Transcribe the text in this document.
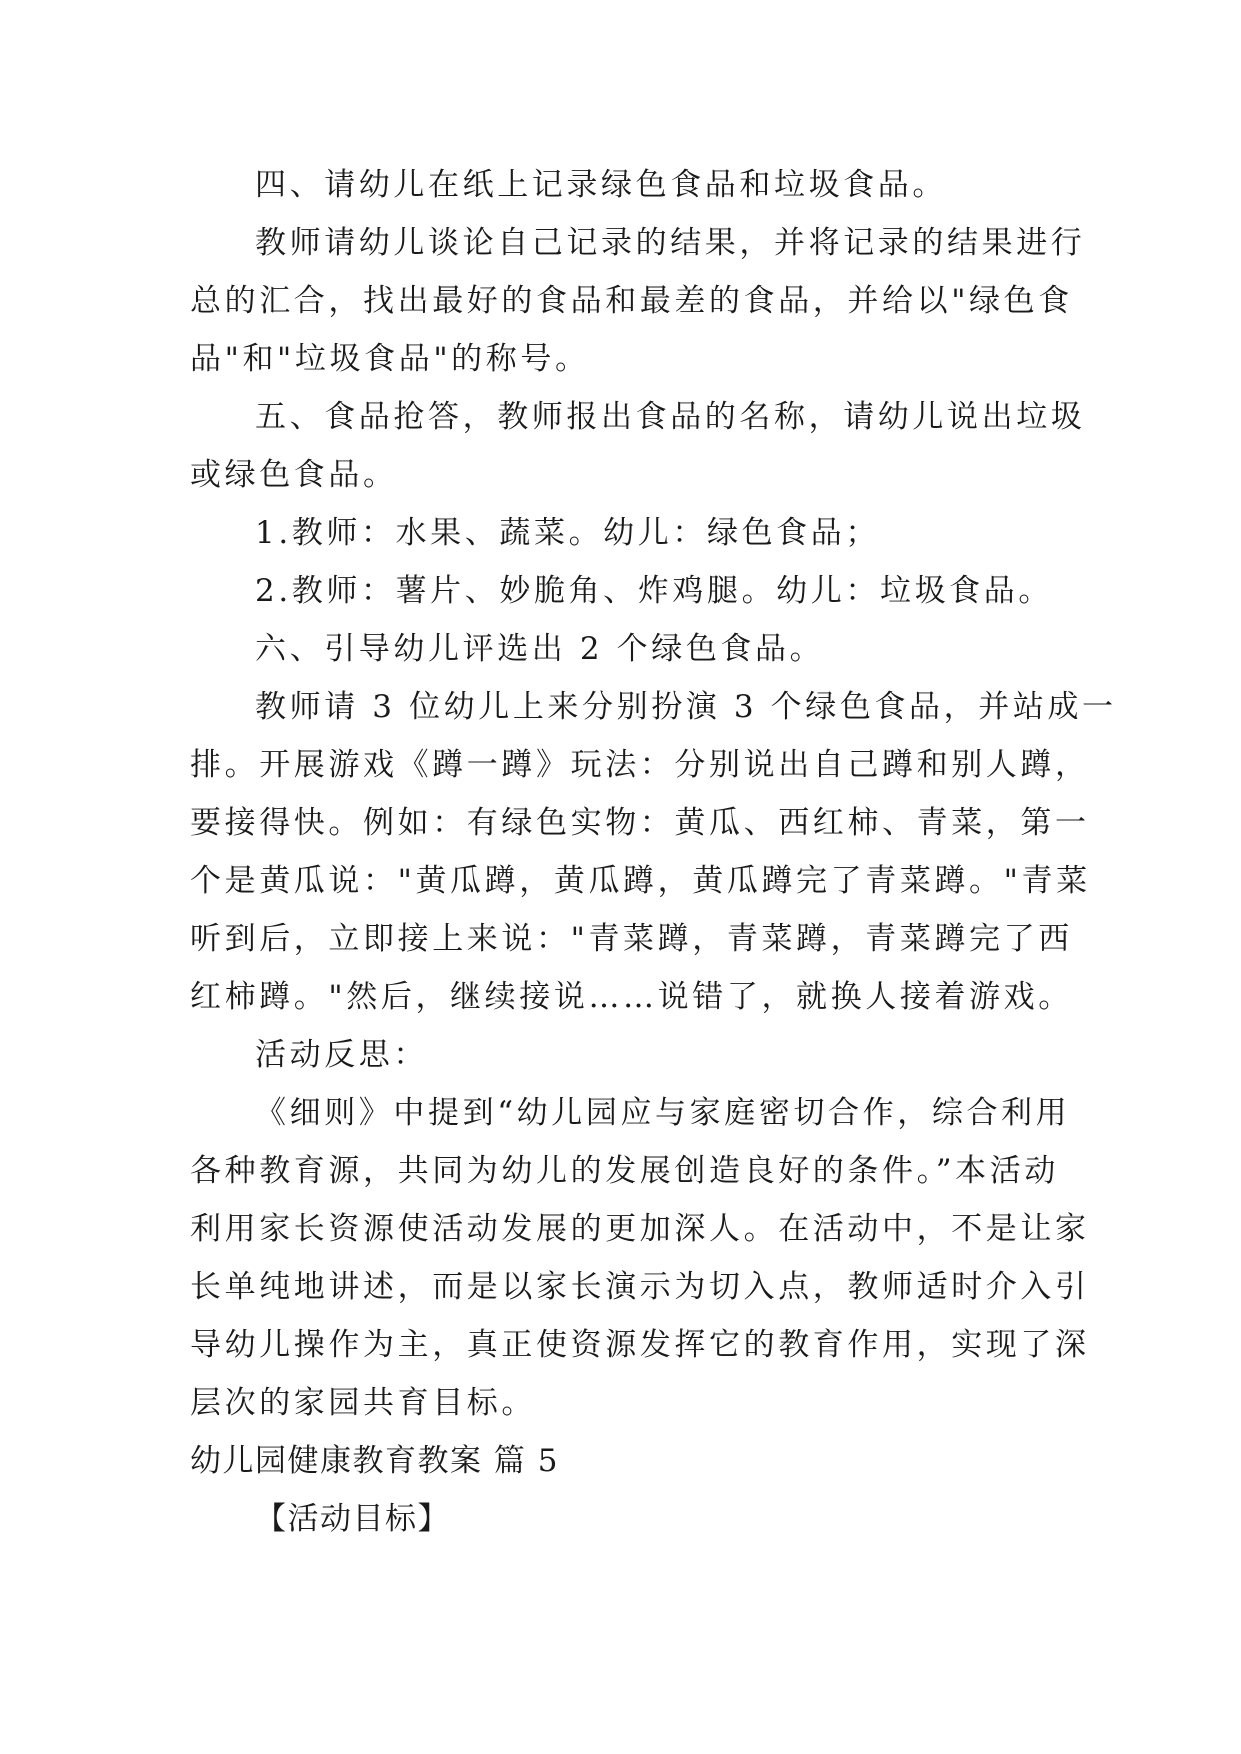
四、请幼儿在纸上记录绿色食品和垃圾食品。
教师请幼儿谈论自己记录的结果，并将记录的结果进行
总的汇合，找出最好的食品和最差的食品，并给以"绿色食
品"和"垃圾食品"的称号。
五、食品抢答，教师报出食品的名称，请幼儿说出垃圾
或绿色食品。
1.教师：水果、蔬菜。幼儿：绿色食品；
2.教师：薯片、妙脆角、炸鸡腿。幼儿：垃圾食品。
六、引导幼儿评选出 2 个绿色食品。
教师请 3 位幼儿上来分别扮演 3 个绿色食品，并站成一
排。开展游戏《蹲一蹲》玩法：分别说出自己蹲和别人蹲，
要接得快。例如：有绿色实物：黄瓜、西红柿、青菜，第一
个是黄瓜说："黄瓜蹲，黄瓜蹲，黄瓜蹲完了青菜蹲。"青菜
听到后，立即接上来说："青菜蹲，青菜蹲，青菜蹲完了西
红柿蹲。"然后，继续接说……说错了，就换人接着游戏。
活动反思：
《细则》中提到“幼儿园应与家庭密切合作，综合利用
各种教育源，共同为幼儿的发展创造良好的条件。”本活动
利用家长资源使活动发展的更加深人。在活动中，不是让家
长单纯地讲述，而是以家长演示为切入点，教师适时介入引
导幼儿操作为主，真正使资源发挥它的教育作用，实现了深
层次的家园共育目标。
幼儿园健康教育教案 篇 5
【活动目标】
